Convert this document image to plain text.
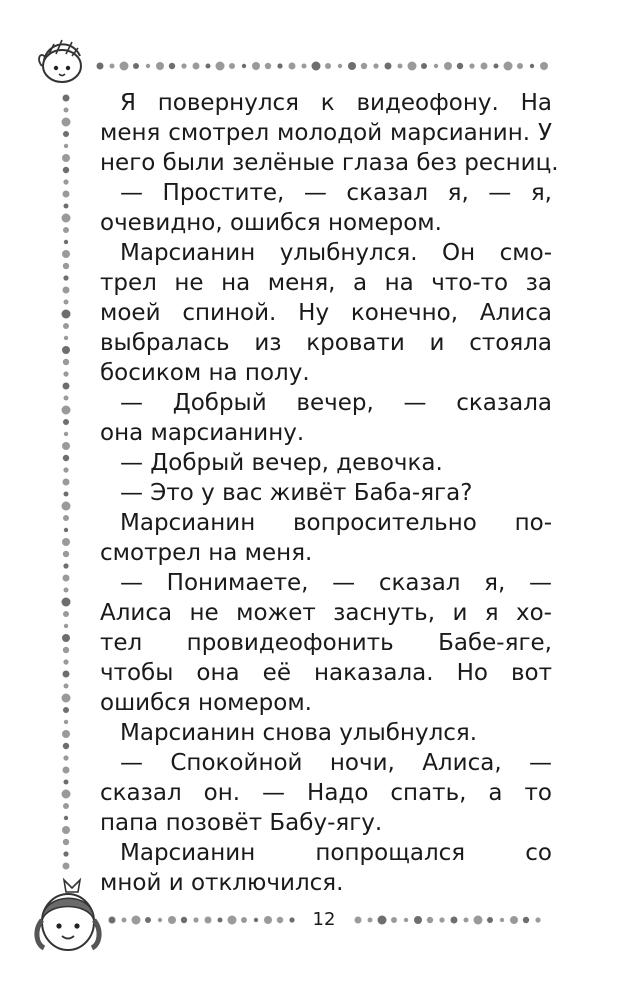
Я повернулся к видеофону. На
меня смотрел молодой марсианин. У
него были зелёные глаза без ресниц.
— Простите, — сказал я, — я,
очевидно, ошибся номером.
Марсианин улыбнулся. Он смо-
трел не на меня, а на что-то за
моей спиной. Ну конечно, Алиса
выбралась из кровати и стояла
босиком на полу.
— Добрый вечер, — сказала
она марсианину.
— Добрый вечер, девочка.
— Это у вас живёт Баба-яга?
Марсианин вопросительно по-
смотрел на меня.
— Понимаете, — сказал я, —
Алиса не может заснуть, и я хо-
тел провидеофонить Бабе-яге,
чтобы она её наказала. Но вот
ошибся номером.
Марсианин снова улыбнулся.
— Спокойной ночи, Алиса, —
сказал он. — Надо спать, а то
папа позовёт Бабу-ягу.
Марсианин попрощался со
мной и отключился.
12
